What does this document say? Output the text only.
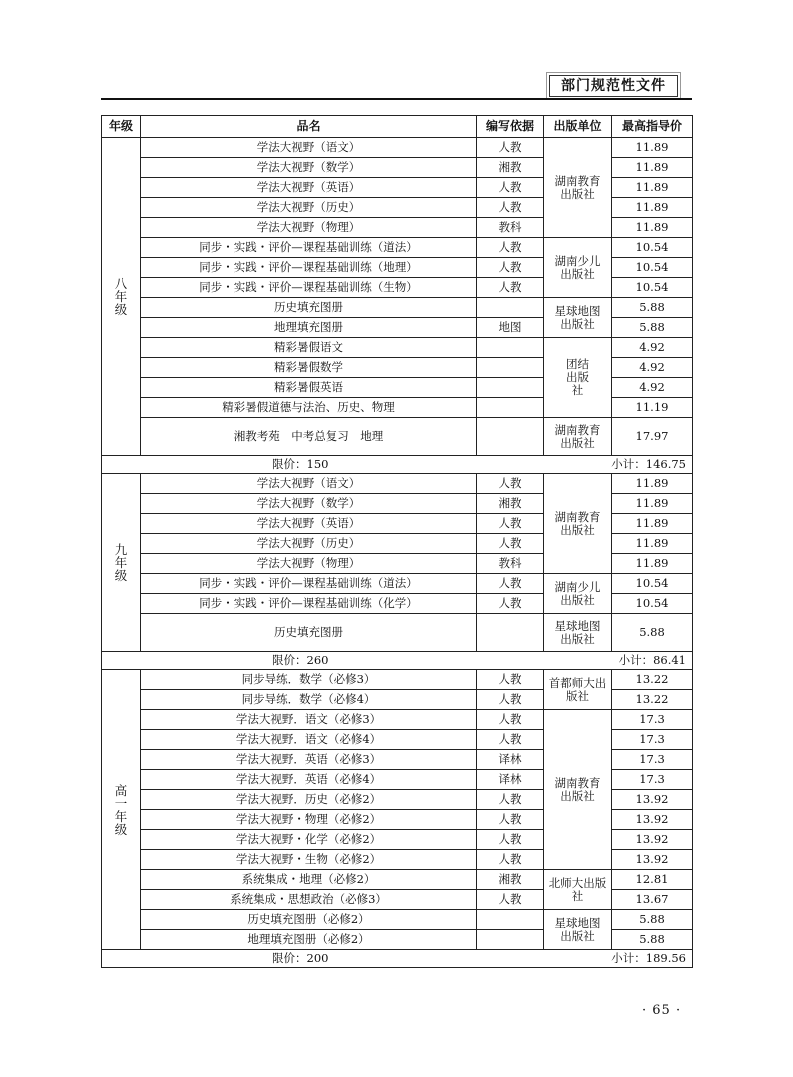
部门规范性文件
年级	品名	编写依据	出版单位	最高指导价
八年级	学法大视野（语文）	人教	湖南教育出版社	11.89
	学法大视野（数学）	湘教		11.89
	学法大视野（英语）	人教		11.89
	学法大视野（历史）	人教		11.89
	学法大视野（物理）	教科		11.89
	同步・实践・评价—课程基础训练（道法）	人教	湖南少儿出版社	10.54
	同步・实践・评价—课程基础训练（地理）	人教		10.54
	同步・实践・评价—课程基础训练（生物）	人教		10.54
	历史填充图册		星球地图出版社	5.88
	地理填充图册	地图		5.88
	精彩暑假语文		团结出版社	4.92
	精彩暑假数学			4.92
	精彩暑假英语			4.92
	精彩暑假道德与法治、历史、物理			11.19
	湘教考苑　中考总复习　地理		湖南教育出版社	17.97

限价：150 小计：146.75				

九年级	学法大视野（语文）	人教	湖南教育出版社	11.89
	学法大视野（数学）	湘教		11.89
	学法大视野（英语）	人教		11.89
	学法大视野（历史）	人教		11.89
	学法大视野（物理）	教科		11.89
	同步・实践・评价—课程基础训练（道法）	人教	湖南少儿出版社	10.54
	同步・实践・评价—课程基础训练（化学）	人教		10.54
	历史填充图册		星球地图出版社	5.88

限价：260 小计：86.41				

高一年级	同步导练．数学（必修3）	人教	首都师大出版社	13.22
	同步导练．数学（必修4）	人教		13.22
	学法大视野．语文（必修3）	人教	湖南教育出版社	17.3
	学法大视野．语文（必修4）	人教		17.3
	学法大视野．英语（必修3）	译林		17.3
	学法大视野．英语（必修4）	译林		17.3
	学法大视野．历史（必修2）	人教		13.92
	学法大视野・物理（必修2）	人教		13.92
	学法大视野・化学（必修2）	人教		13.92
	学法大视野・生物（必修2）	人教		13.92
	系统集成・地理（必修2）	湘教	北师大出版社	12.81
	系统集成・思想政治（必修3）	人教		13.67
	历史填充图册（必修2）		星球地图出版社	5.88
	地理填充图册（必修2）			5.88

限价：200 小计：189.56				
· 65 ·
